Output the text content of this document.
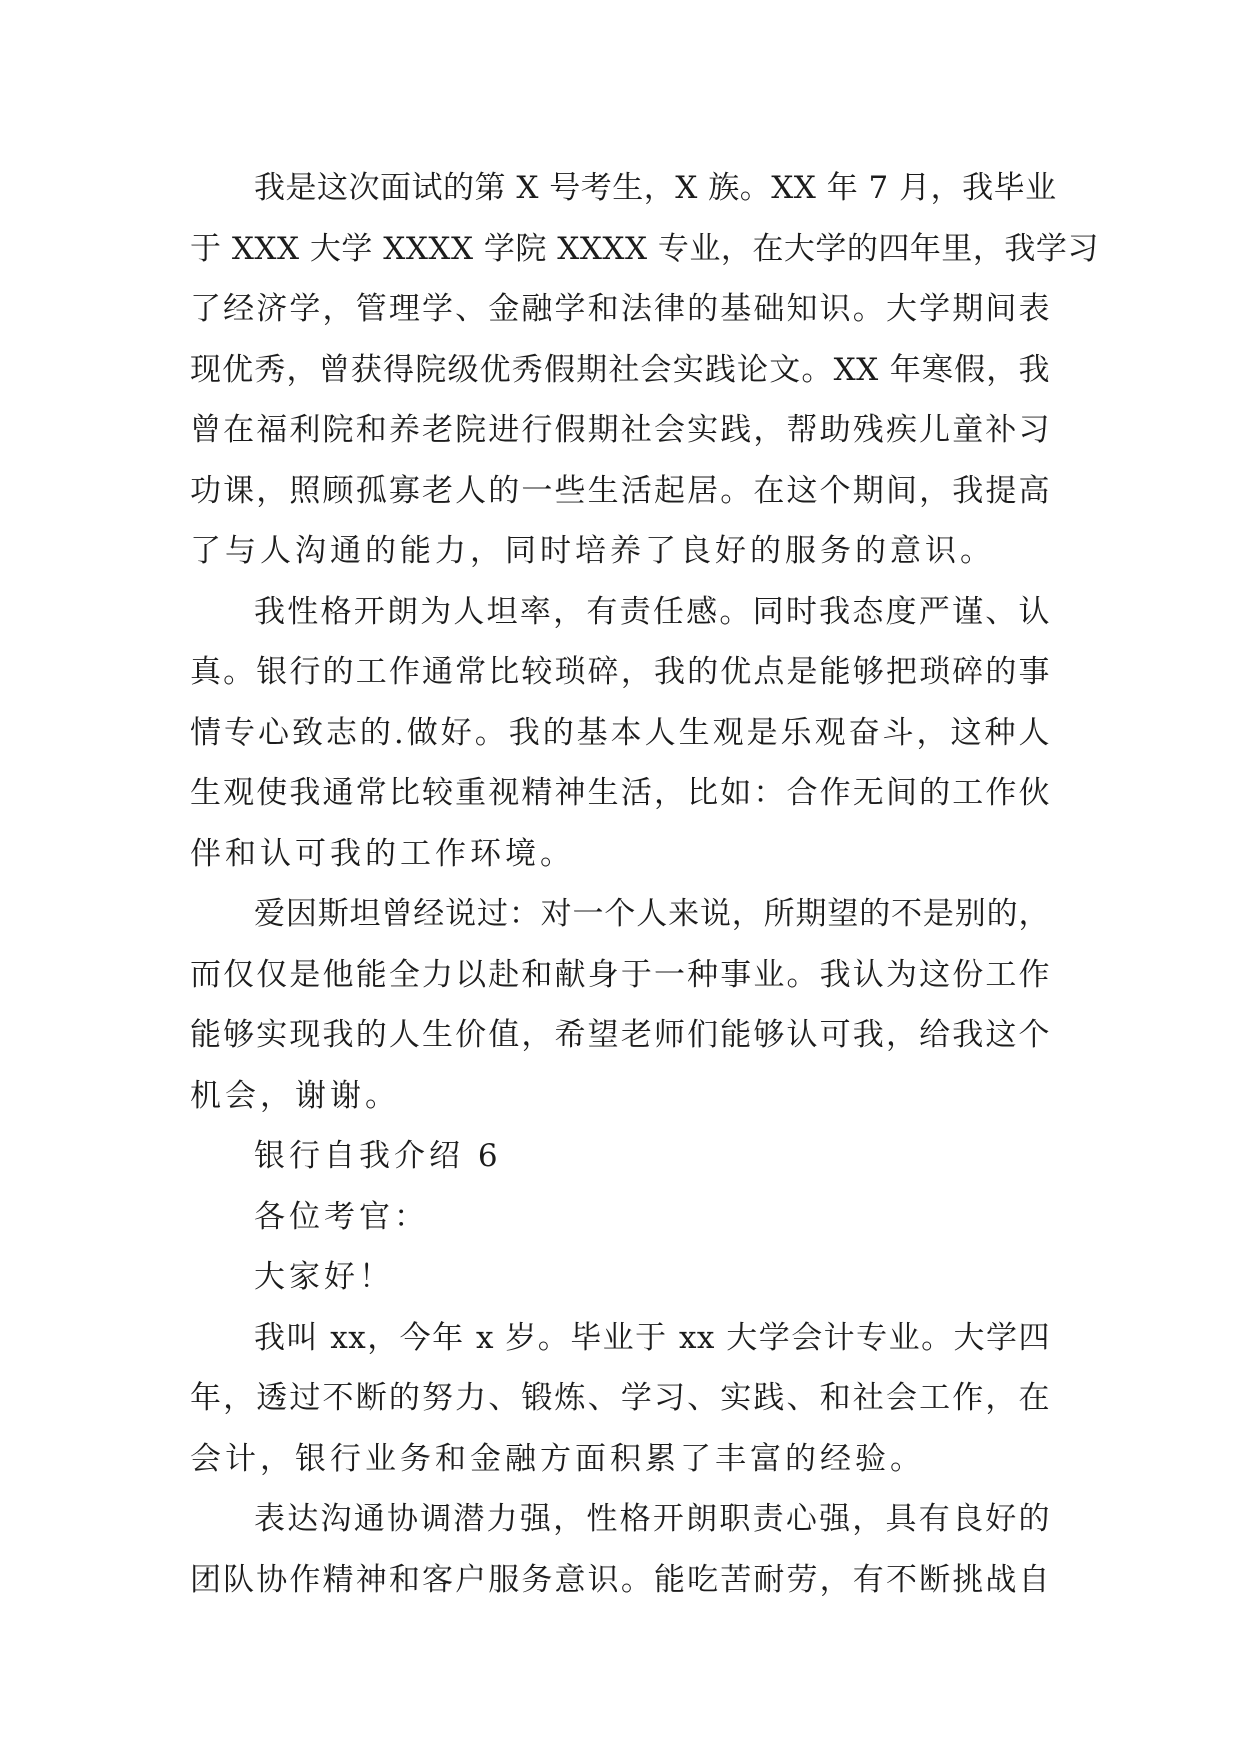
我是这次面试的第 X 号考生，X 族。XX 年 7 月，我毕业
于 XXX 大学 XXXX 学院 XXXX 专业，在大学的四年里，我学习
了经济学，管理学、金融学和法律的基础知识。大学期间表
现优秀，曾获得院级优秀假期社会实践论文。XX 年寒假，我
曾在福利院和养老院进行假期社会实践，帮助残疾儿童补习
功课，照顾孤寡老人的一些生活起居。在这个期间，我提高
了与人沟通的能力，同时培养了良好的服务的意识。
我性格开朗为人坦率，有责任感。同时我态度严谨、认
真。银行的工作通常比较琐碎，我的优点是能够把琐碎的事
情专心致志的.做好。我的基本人生观是乐观奋斗，这种人
生观使我通常比较重视精神生活，比如：合作无间的工作伙
伴和认可我的工作环境。
爱因斯坦曾经说过：对一个人来说，所期望的不是别的，
而仅仅是他能全力以赴和献身于一种事业。我认为这份工作
能够实现我的人生价值，希望老师们能够认可我，给我这个
机会，谢谢。
银行自我介绍 6
各位考官：
大家好！
我叫 xx，今年 x 岁。毕业于 xx 大学会计专业。大学四
年，透过不断的努力、锻炼、学习、实践、和社会工作，在
会计，银行业务和金融方面积累了丰富的经验。
表达沟通协调潜力强，性格开朗职责心强，具有良好的
团队协作精神和客户服务意识。能吃苦耐劳，有不断挑战自
